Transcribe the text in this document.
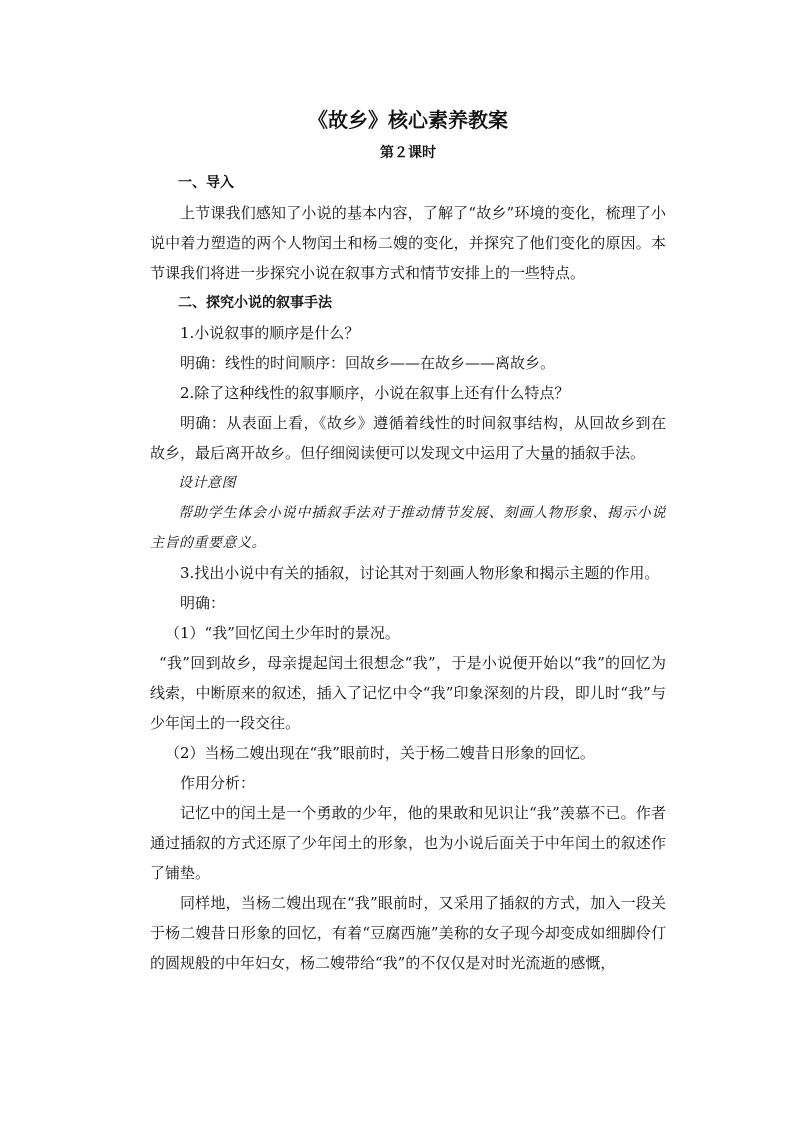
《故乡》核心素养教案
第２课时

一、导入

上节课我们感知了小说的基本内容，了解了“故乡”环境的变化，梳理了小说中着力塑造的两个人物闰土和杨二嫂的变化，并探究了他们变化的原因。本节课我们将进一步探究小说在叙事方式和情节安排上的一些特点。

二、探究小说的叙事手法

1.小说叙事的顺序是什么？

明确：线性的时间顺序：回故乡——在故乡——离故乡。

2.除了这种线性的叙事顺序，小说在叙事上还有什么特点？

明确：从表面上看，《故乡》遵循着线性的时间叙事结构，从回故乡到在故乡，最后离开故乡。但仔细阅读便可以发现文中运用了大量的插叙手法。

设计意图

帮助学生体会小说中插叙手法对于推动情节发展、刻画人物形象、揭示小说主旨的重要意义。

3.找出小说中有关的插叙，讨论其对于刻画人物形象和揭示主题的作用。

明确：

（1）“我”回忆闰土少年时的景况。

“我”回到故乡，母亲提起闰土很想念“我”，于是小说便开始以“我”的回忆为线索，中断原来的叙述，插入了记忆中令“我”印象深刻的片段，即儿时“我”与少年闰土的一段交往。

（2）当杨二嫂出现在“我”眼前时，关于杨二嫂昔日形象的回忆。

作用分析：

记忆中的闰土是一个勇敢的少年，他的果敢和见识让“我”羡慕不已。作者通过插叙的方式还原了少年闰土的形象，也为小说后面关于中年闰土的叙述作了铺垫。

同样地，当杨二嫂出现在“我”眼前时，又采用了插叙的方式，加入一段关于杨二嫂昔日形象的回忆，有着“豆腐西施”美称的女子现今却变成如细脚伶仃的圆规般的中年妇女，杨二嫂带给“我”的不仅仅是对时光流逝的感慨，
